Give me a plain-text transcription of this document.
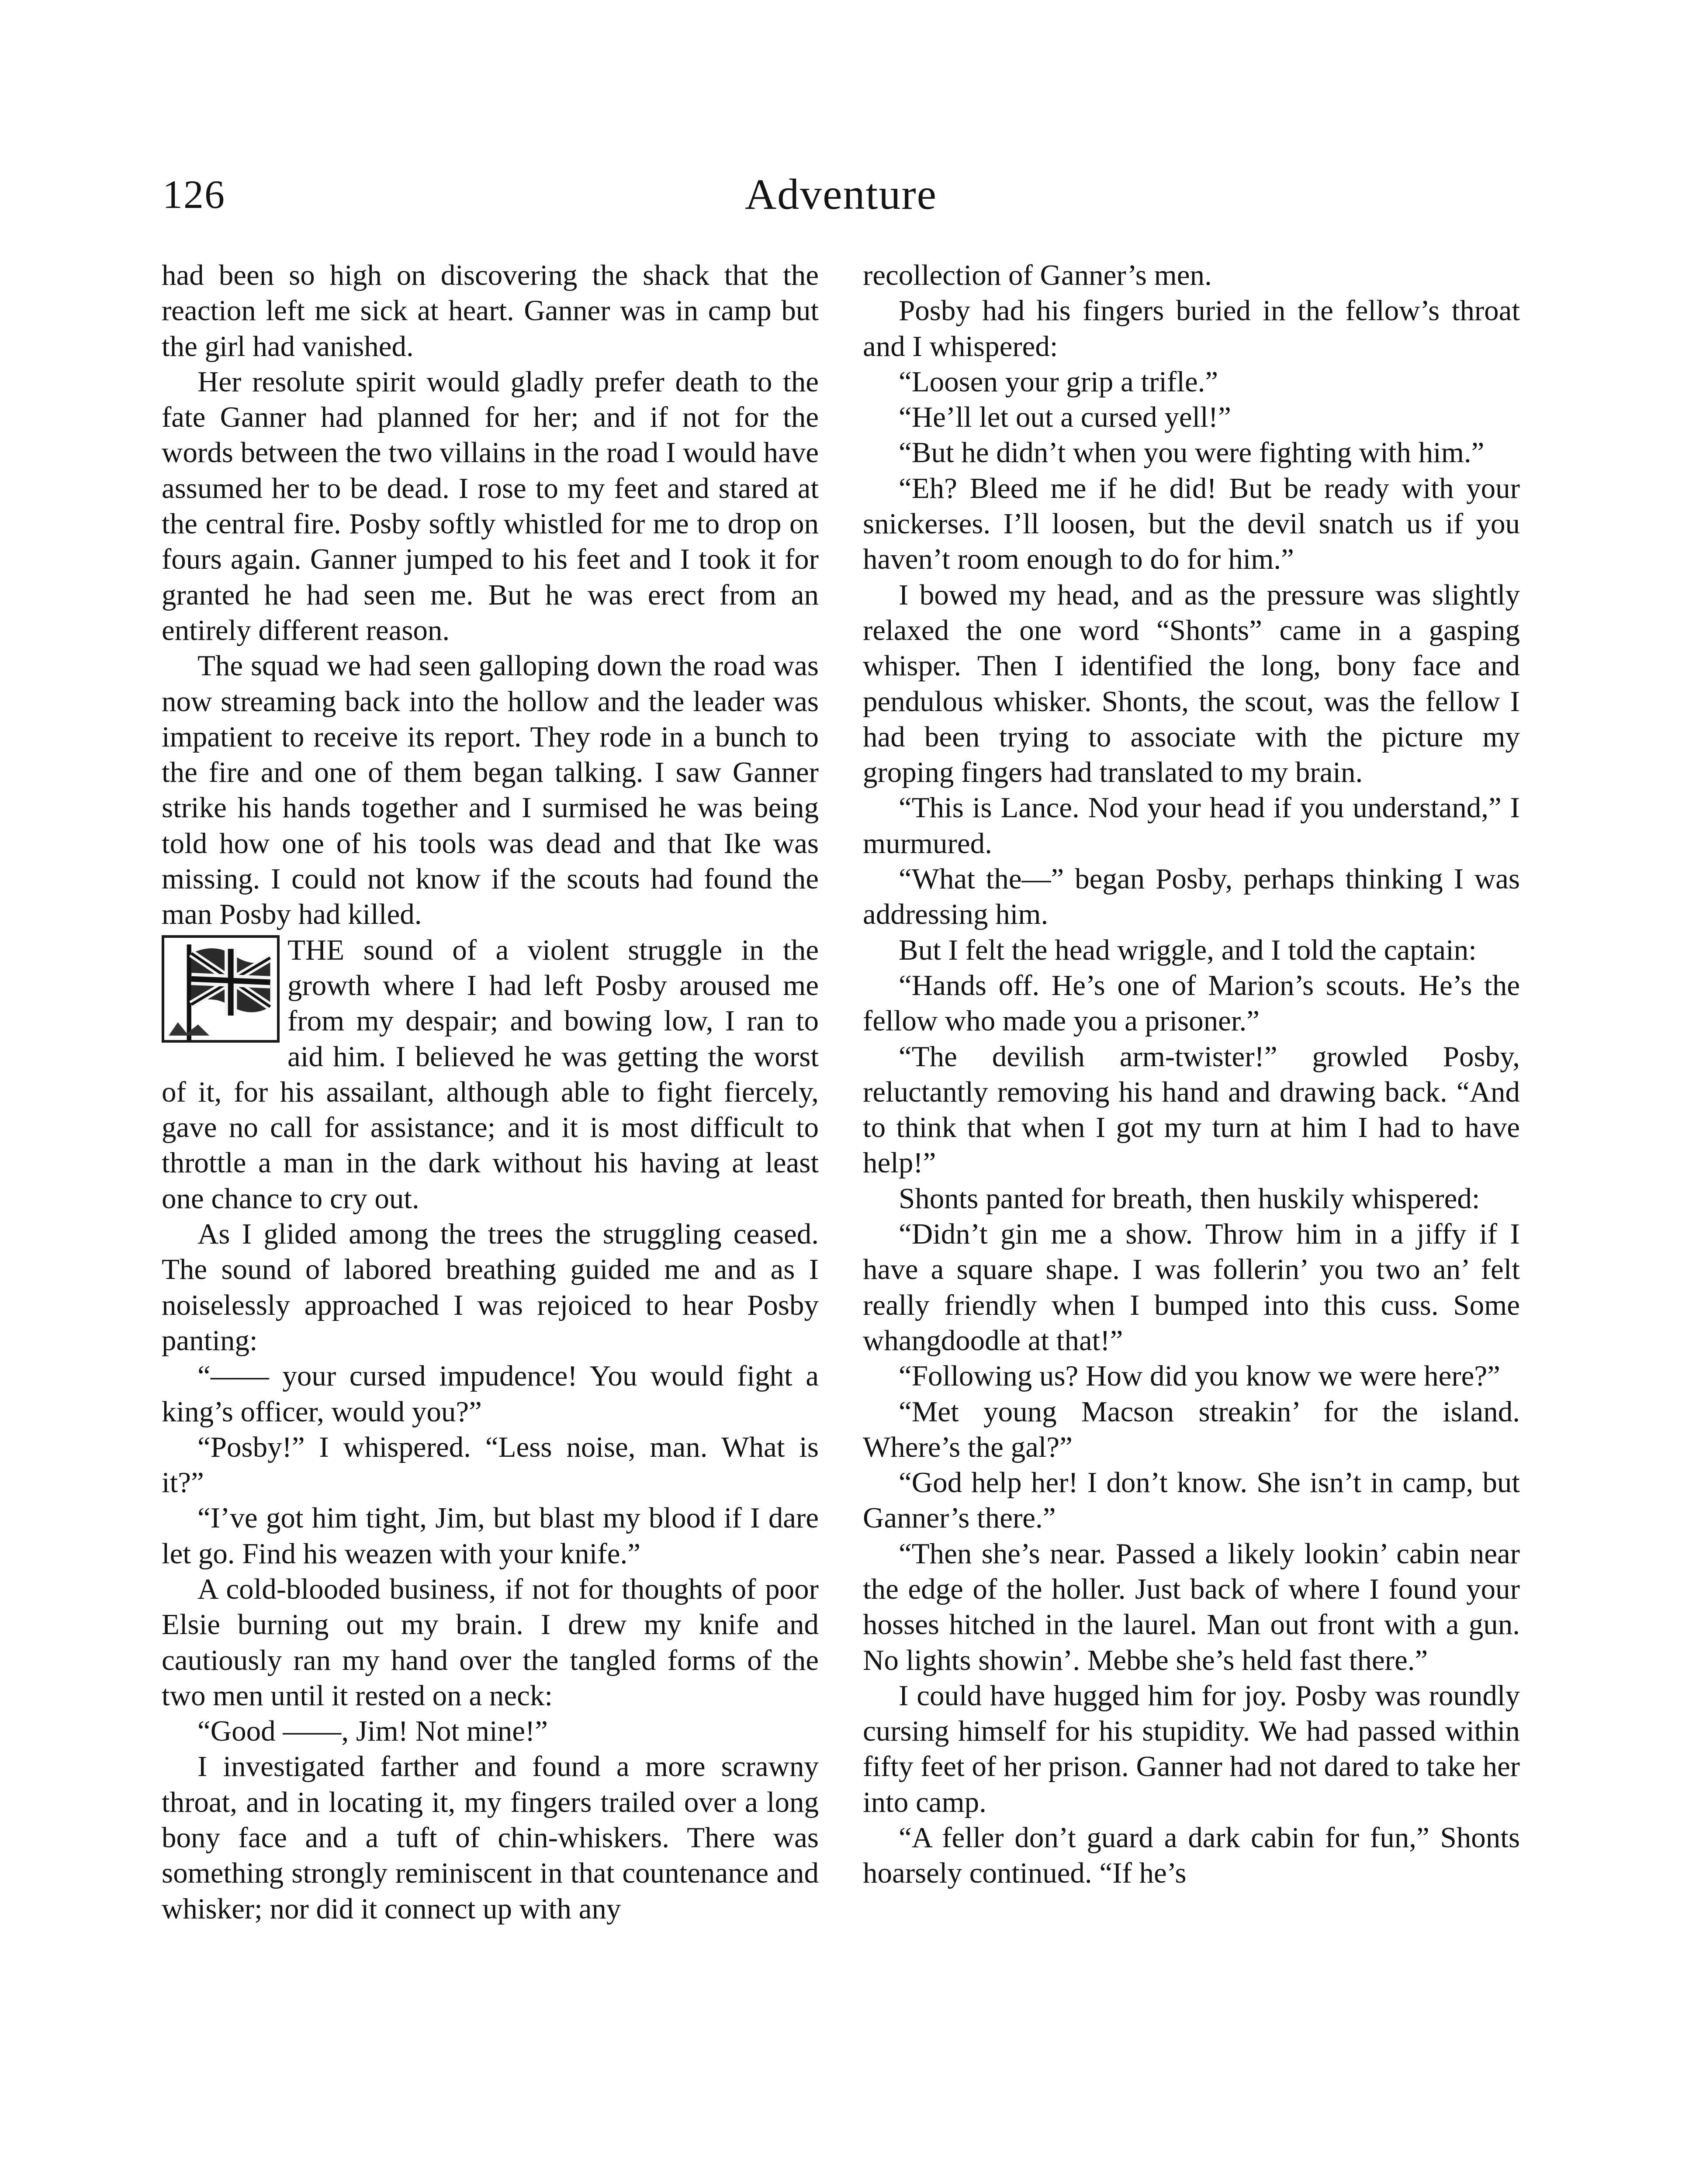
126	Adventure

had been so high on discovering the shack that the reaction left me sick at heart. Ganner was in camp but the girl had vanished.

Her resolute spirit would gladly prefer death to the fate Ganner had planned for her; and if not for the words between the two villains in the road I would have assumed her to be dead. I rose to my feet and stared at the central fire. Posby softly whistled for me to drop on fours again. Ganner jumped to his feet and I took it for granted he had seen me. But he was erect from an entirely different reason.

The squad we had seen galloping down the road was now streaming back into the hollow and the leader was impatient to receive its report. They rode in a bunch to the fire and one of them began talking. I saw Ganner strike his hands together and I surmised he was being told how one of his tools was dead and that Ike was missing. I could not know if the scouts had found the man Posby had killed.

THE sound of a violent struggle in the growth where I had left Posby aroused me from my despair; and bowing low, I ran to aid him. I believed he was getting the worst of it, for his assailant, although able to fight fiercely, gave no call for assistance; and it is most difficult to throttle a man in the dark without his having at least one chance to cry out.

As I glided among the trees the struggling ceased. The sound of labored breathing guided me and as I noiselessly approached I was rejoiced to hear Posby panting:

“—— your cursed impudence! You would fight a king’s officer, would you?”

“Posby!” I whispered. “Less noise, man. What is it?”

“I’ve got him tight, Jim, but blast my blood if I dare let go. Find his weazen with your knife.”

A cold-blooded business, if not for thoughts of poor Elsie burning out my brain. I drew my knife and cautiously ran my hand over the tangled forms of the two men until it rested on a neck:

“Good ——, Jim! Not mine!”

I investigated farther and found a more scrawny throat, and in locating it, my fingers trailed over a long bony face and a tuft of chin-whiskers. There was something strongly reminiscent in that countenance and whisker; nor did it connect up with any

recollection of Ganner’s men.

Posby had his fingers buried in the fellow’s throat and I whispered:

“Loosen your grip a trifle.”

“He’ll let out a cursed yell!”

“But he didn’t when you were fighting with him.”

“Eh? Bleed me if he did! But be ready with your snickerses. I’ll loosen, but the devil snatch us if you haven’t room enough to do for him.”

I bowed my head, and as the pressure was slightly relaxed the one word “Shonts” came in a gasping whisper. Then I identified the long, bony face and pendulous whisker. Shonts, the scout, was the fellow I had been trying to associate with the picture my groping fingers had translated to my brain.

“This is Lance. Nod your head if you understand,” I murmured.

“What the—” began Posby, perhaps thinking I was addressing him.

But I felt the head wriggle, and I told the captain:

“Hands off. He’s one of Marion’s scouts. He’s the fellow who made you a prisoner.”

“The devilish arm-twister!” growled Posby, reluctantly removing his hand and drawing back. “And to think that when I got my turn at him I had to have help!”

Shonts panted for breath, then huskily whispered:

“Didn’t gin me a show. Throw him in a jiffy if I have a square shape. I was follerin’ you two an’ felt really friendly when I bumped into this cuss. Some whangdoodle at that!”

“Following us? How did you know we were here?”

“Met young Macson streakin’ for the island. Where’s the gal?”

“God help her! I don’t know. She isn’t in camp, but Ganner’s there.”

“Then she’s near. Passed a likely lookin’ cabin near the edge of the holler. Just back of where I found your hosses hitched in the laurel. Man out front with a gun. No lights showin’. Mebbe she’s held fast there.”

I could have hugged him for joy. Posby was roundly cursing himself for his stupidity. We had passed within fifty feet of her prison. Ganner had not dared to take her into camp.

“A feller don’t guard a dark cabin for fun,” Shonts hoarsely continued. “If he’s
